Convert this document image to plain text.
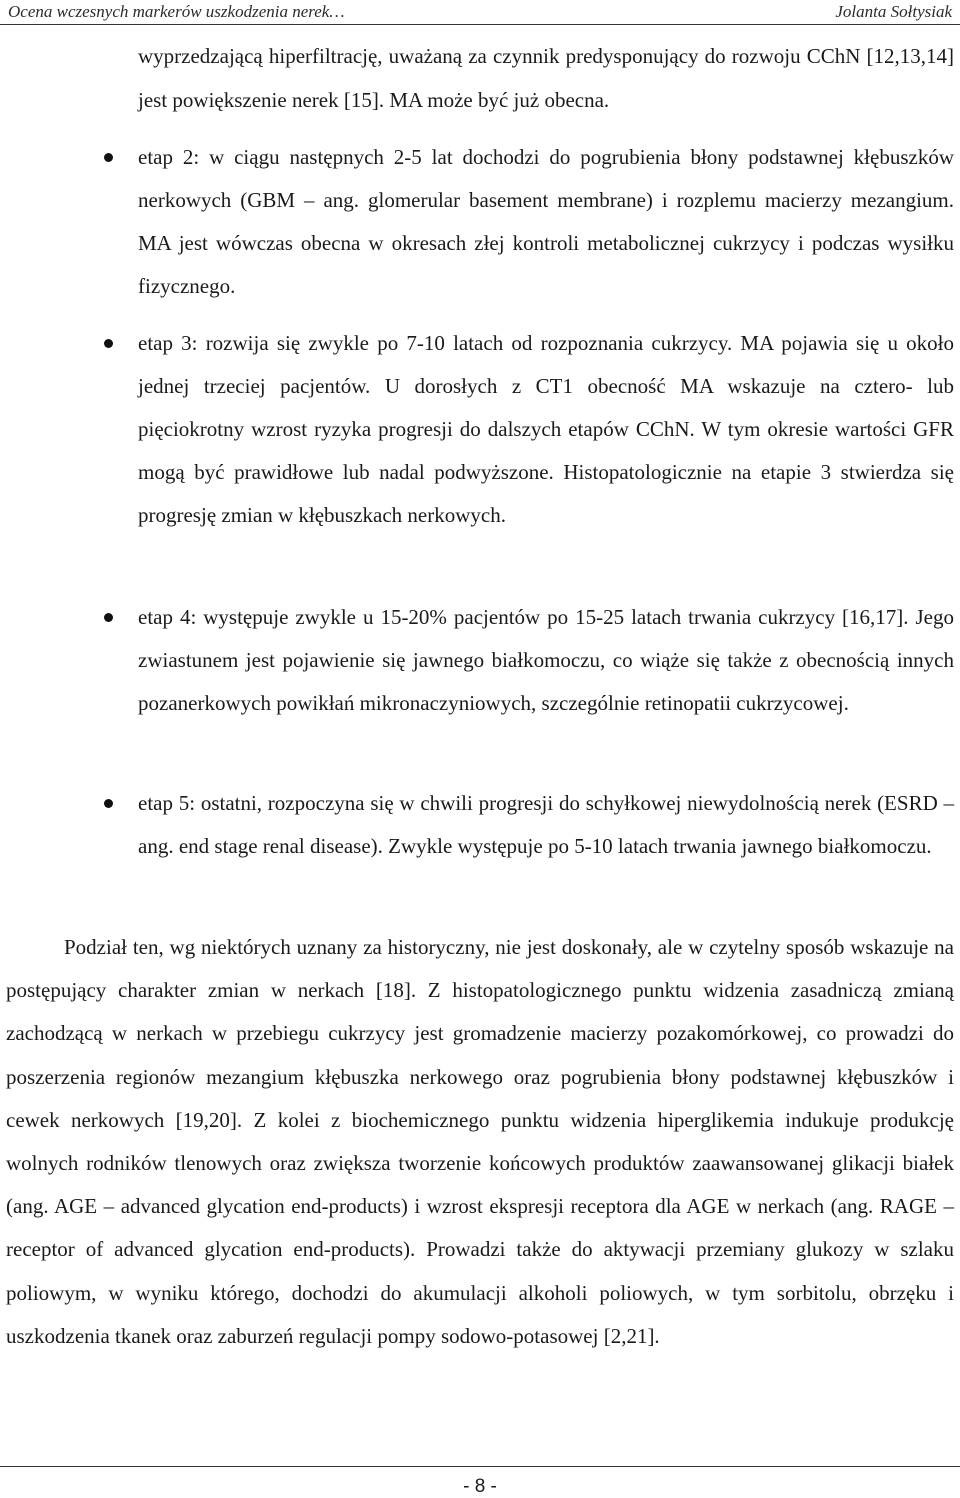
Ocena wczesnych markerów uszkodzenia nerek…	Jolanta Sołtysiak

wyprzedzającą hiperfiltrację, uważaną za czynnik predysponujący do rozwoju CChN [12,13,14] jest powiększenie nerek [15]. MA może być już obecna.

etap 2: w ciągu następnych 2-5 lat dochodzi do pogrubienia błony podstawnej kłębuszków nerkowych (GBM – ang. glomerular basement membrane) i rozplemu macierzy mezangium. MA jest wówczas obecna w okresach złej kontroli metabolicznej cukrzycy i podczas wysiłku fizycznego.

etap 3: rozwija się zwykle po 7-10 latach od rozpoznania cukrzycy. MA pojawia się u około jednej trzeciej pacjentów. U dorosłych z CT1 obecność MA wskazuje na cztero- lub pięciokrotny wzrost ryzyka progresji do dalszych etapów CChN. W tym okresie wartości GFR mogą być prawidłowe lub nadal podwyższone. Histopatologicznie na etapie 3 stwierdza się progresję zmian w kłębuszkach nerkowych.

etap 4: występuje zwykle u 15-20% pacjentów po 15-25 latach trwania cukrzycy [16,17]. Jego zwiastunem jest pojawienie się jawnego białkomoczu, co wiąże się także z obecnością innych pozanerkowych powikłań mikronaczyniowych, szczególnie retinopatii cukrzycowej.

etap 5: ostatni, rozpoczyna się w chwili progresji do schyłkowej niewydolnością nerek (ESRD – ang. end stage renal disease). Zwykle występuje po 5-10 latach trwania jawnego białkomoczu.

Podział ten, wg niektórych uznany za historyczny, nie jest doskonały, ale w czytelny sposób wskazuje na postępujący charakter zmian w nerkach [18]. Z histopatologicznego punktu widzenia zasadniczą zmianą zachodzącą w nerkach w przebiegu cukrzycy jest gromadzenie macierzy pozakomórkowej, co prowadzi do poszerzenia regionów mezangium kłębuszka nerkowego oraz pogrubienia błony podstawnej kłębuszków i cewek nerkowych [19,20]. Z kolei z biochemicznego punktu widzenia hiperglikemia indukuje produkcję wolnych rodników tlenowych oraz zwiększa tworzenie końcowych produktów zaawansowanej glikacji białek (ang. AGE – advanced glycation end-products) i wzrost ekspresji receptora dla AGE w nerkach (ang. RAGE – receptor of advanced glycation end-products). Prowadzi także do aktywacji przemiany glukozy w szlaku poliowym, w wyniku którego, dochodzi do akumulacji alkoholi poliowych, w tym sorbitolu, obrzęku i uszkodzenia tkanek oraz zaburzeń regulacji pompy sodowo-potasowej [2,21].

- 8 -
